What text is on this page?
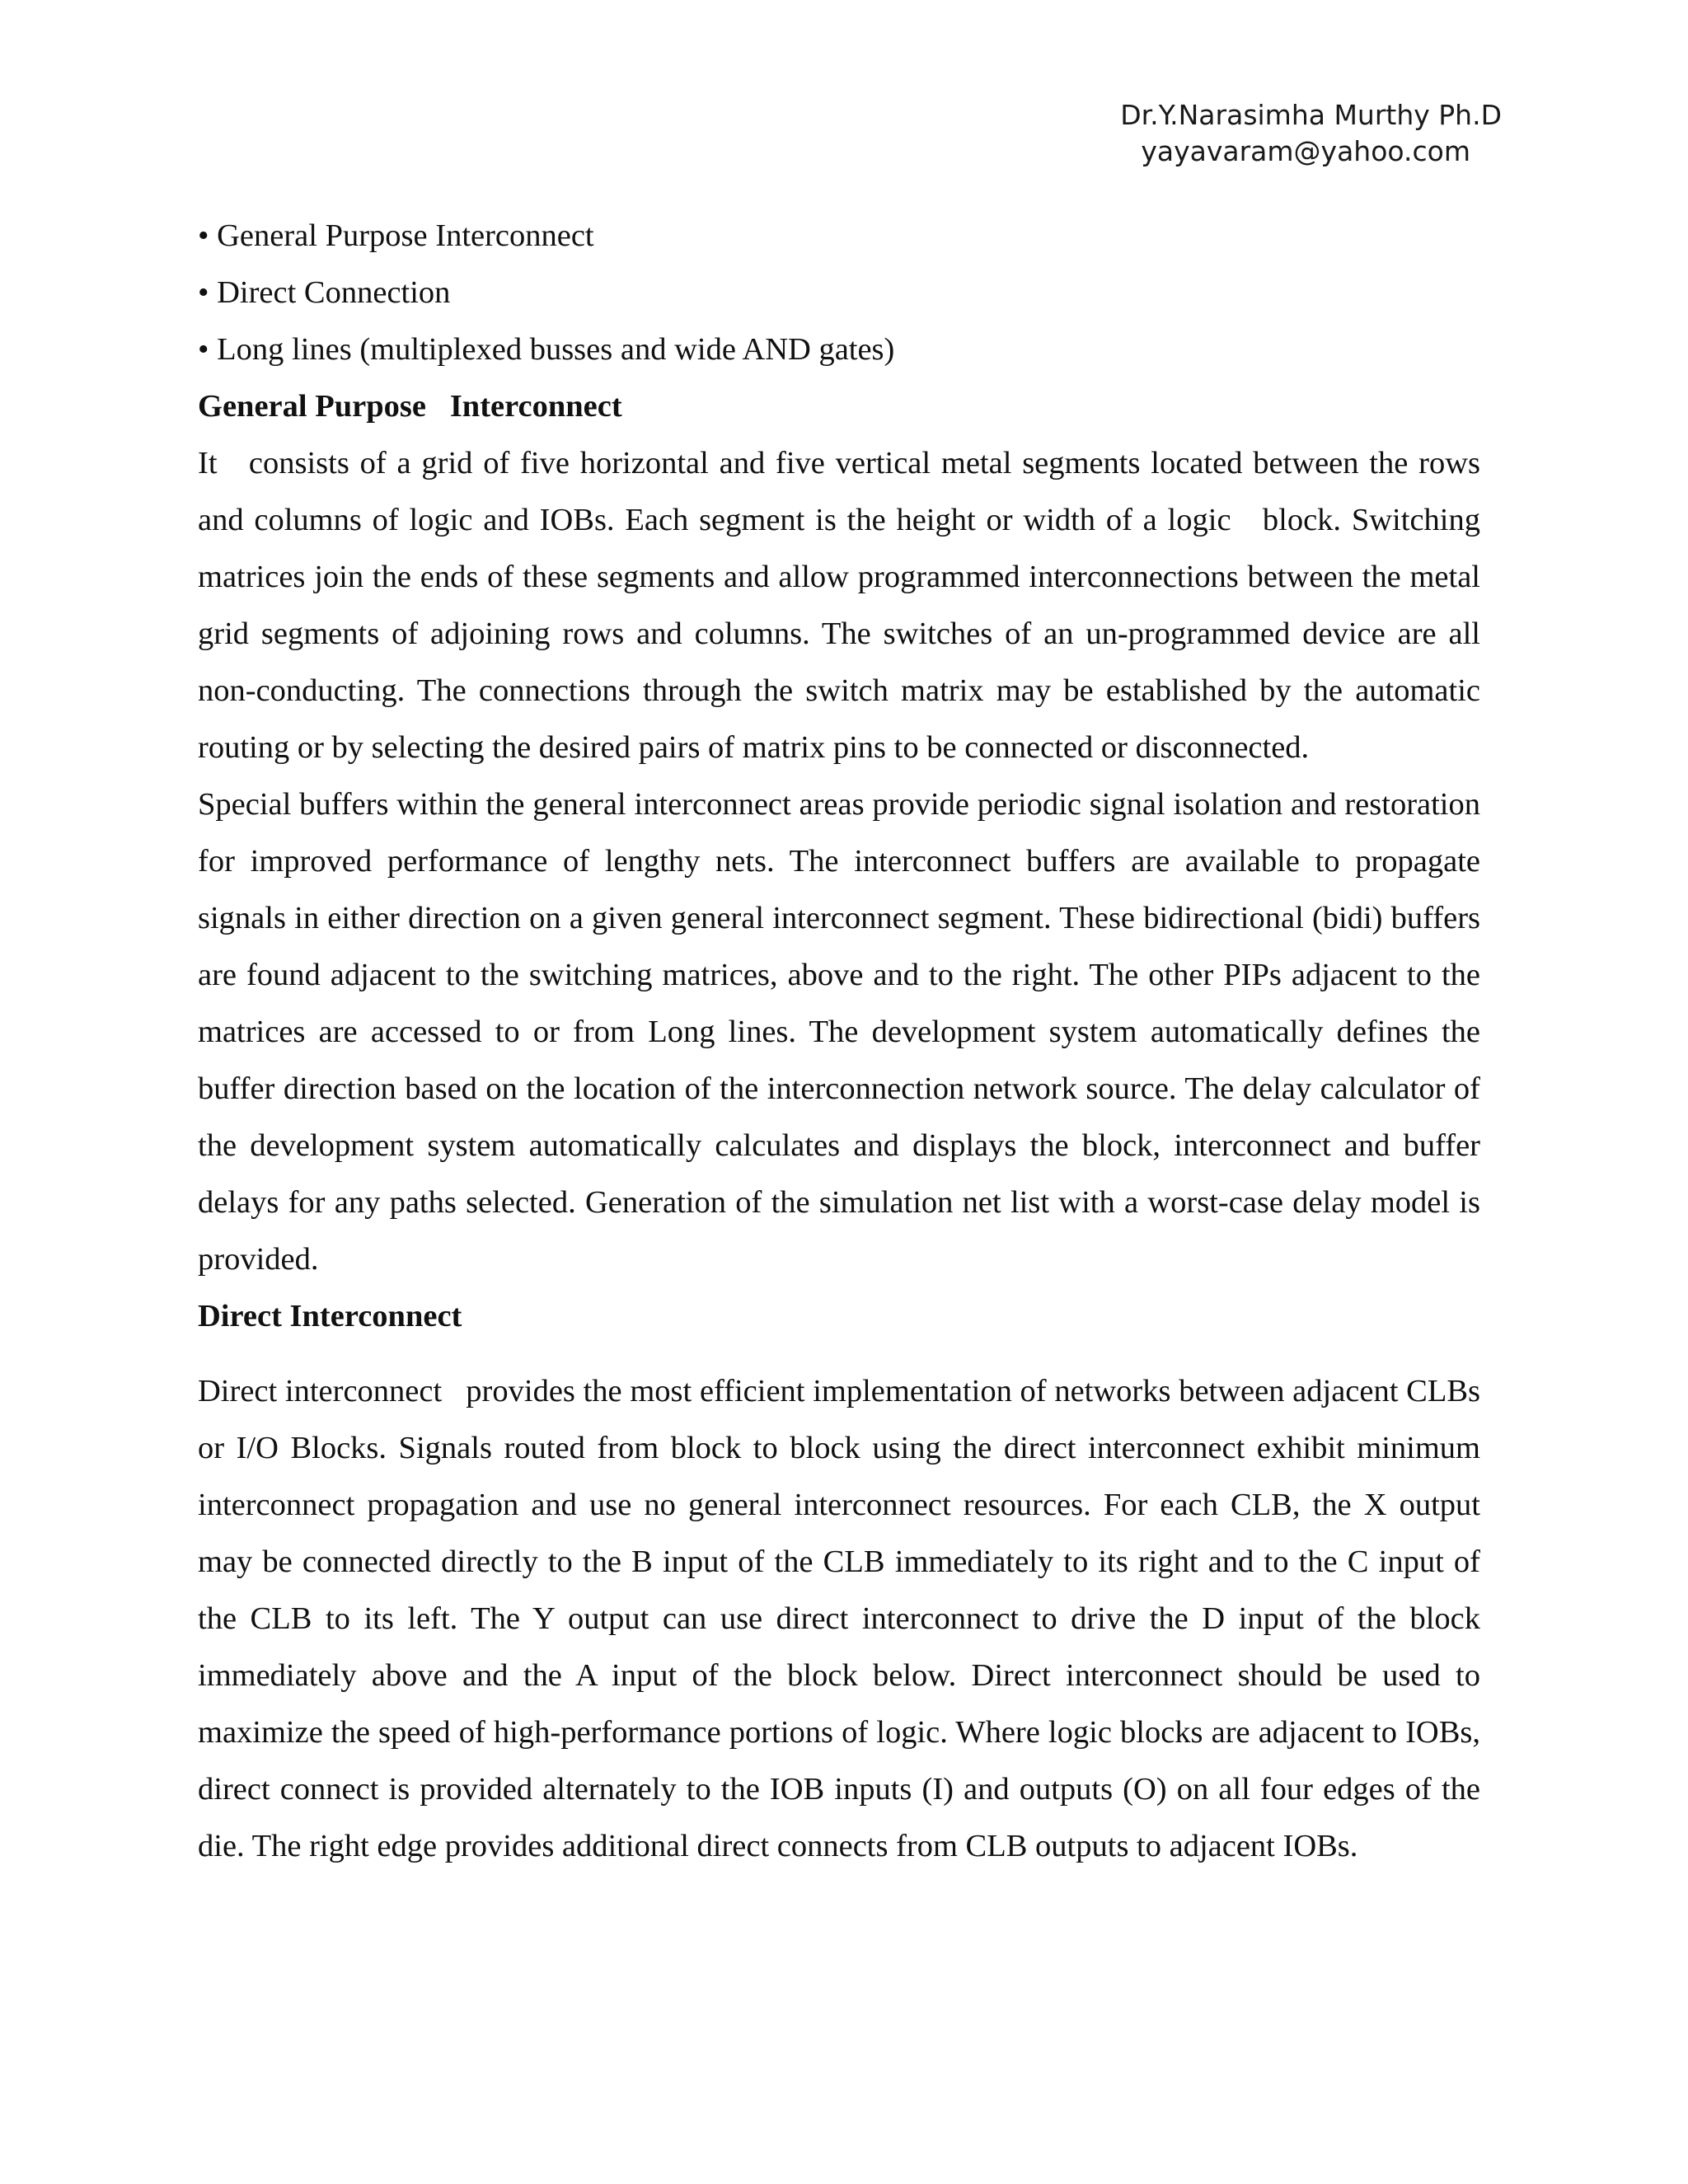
Dr.Y.Narasimha Murthy Ph.D
yayavaram@yahoo.com
• General Purpose Interconnect
• Direct Connection
• Long lines (multiplexed busses and wide AND gates)
General Purpose   Interconnect

It   consists of a grid of five horizontal and five vertical metal segments located between the rows and columns of logic and IOBs. Each segment is the height or width of a logic   block. Switching matrices join the ends of these segments and allow programmed interconnections between the metal grid segments of adjoining rows and columns. The switches of an un-programmed device are all non-conducting. The connections through the switch matrix may be established by the automatic routing or by selecting the desired pairs of matrix pins to be connected or disconnected.

Special buffers within the general interconnect areas provide periodic signal isolation and restoration for improved performance of lengthy nets. The interconnect buffers are available to propagate signals in either direction on a given general interconnect segment. These bidirectional (bidi) buffers are found adjacent to the switching matrices, above and to the right. The other PIPs adjacent to the matrices are accessed to or from Long lines. The development system automatically defines the buffer direction based on the location of the interconnection network source. The delay calculator of the development system automatically calculates and displays the block, interconnect and buffer delays for any paths selected. Generation of the simulation net list with a worst-case delay model is provided.

Direct Interconnect

Direct interconnect   provides the most efficient implementation of networks between adjacent CLBs or I/O Blocks. Signals routed from block to block using the direct interconnect exhibit minimum interconnect propagation and use no general interconnect resources. For each CLB, the X output may be connected directly to the B input of the CLB immediately to its right and to the C input of the CLB to its left. The Y output can use direct interconnect to drive the D input of the block immediately above and the A input of the block below. Direct interconnect should be used to maximize the speed of high-performance portions of logic. Where logic blocks are adjacent to IOBs, direct connect is provided alternately to the IOB inputs (I) and outputs (O) on all four edges of the die. The right edge provides additional direct connects from CLB outputs to adjacent IOBs.
